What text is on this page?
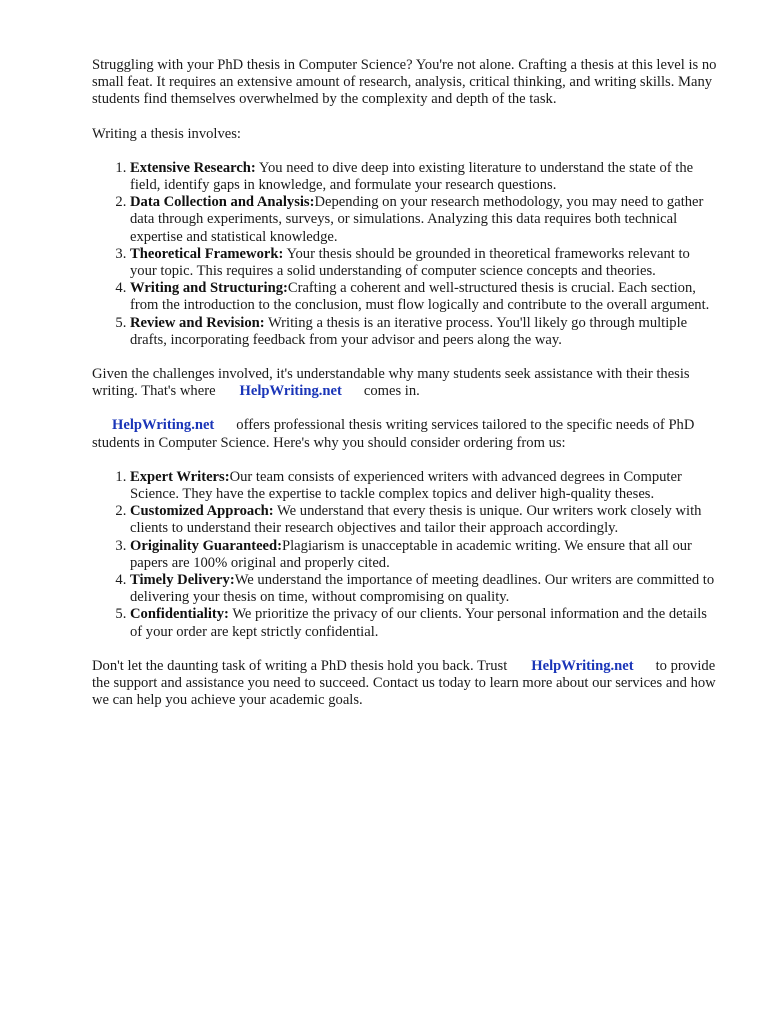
Struggling with your PhD thesis in Computer Science? You're not alone. Crafting a thesis at this level is no small feat. It requires an extensive amount of research, analysis, critical thinking, and writing skills. Many students find themselves overwhelmed by the complexity and depth of the task.

Writing a thesis involves:

1. Extensive Research: You need to dive deep into existing literature to understand the state of the field, identify gaps in knowledge, and formulate your research questions.
2. Data Collection and Analysis:Depending on your research methodology, you may need to gather data through experiments, surveys, or simulations. Analyzing this data requires both technical expertise and statistical knowledge.
3. Theoretical Framework: Your thesis should be grounded in theoretical frameworks relevant to your topic. This requires a solid understanding of computer science concepts and theories.
4. Writing and Structuring:Crafting a coherent and well-structured thesis is crucial. Each section, from the introduction to the conclusion, must flow logically and contribute to the overall argument.
5. Review and Revision: Writing a thesis is an iterative process. You'll likely go through multiple drafts, incorporating feedback from your advisor and peers along the way.

Given the challenges involved, it's understandable why many students seek assistance with their thesis writing. That's where HelpWriting.net comes in.

HelpWriting.net offers professional thesis writing services tailored to the specific needs of PhD students in Computer Science. Here's why you should consider ordering from us:

1. Expert Writers:Our team consists of experienced writers with advanced degrees in Computer Science. They have the expertise to tackle complex topics and deliver high-quality theses.
2. Customized Approach: We understand that every thesis is unique. Our writers work closely with clients to understand their research objectives and tailor their approach accordingly.
3. Originality Guaranteed:Plagiarism is unacceptable in academic writing. We ensure that all our papers are 100% original and properly cited.
4. Timely Delivery:We understand the importance of meeting deadlines. Our writers are committed to delivering your thesis on time, without compromising on quality.
5. Confidentiality: We prioritize the privacy of our clients. Your personal information and the details of your order are kept strictly confidential.

Don't let the daunting task of writing a PhD thesis hold you back. Trust HelpWriting.net to provide the support and assistance you need to succeed. Contact us today to learn more about our services and how we can help you achieve your academic goals.
